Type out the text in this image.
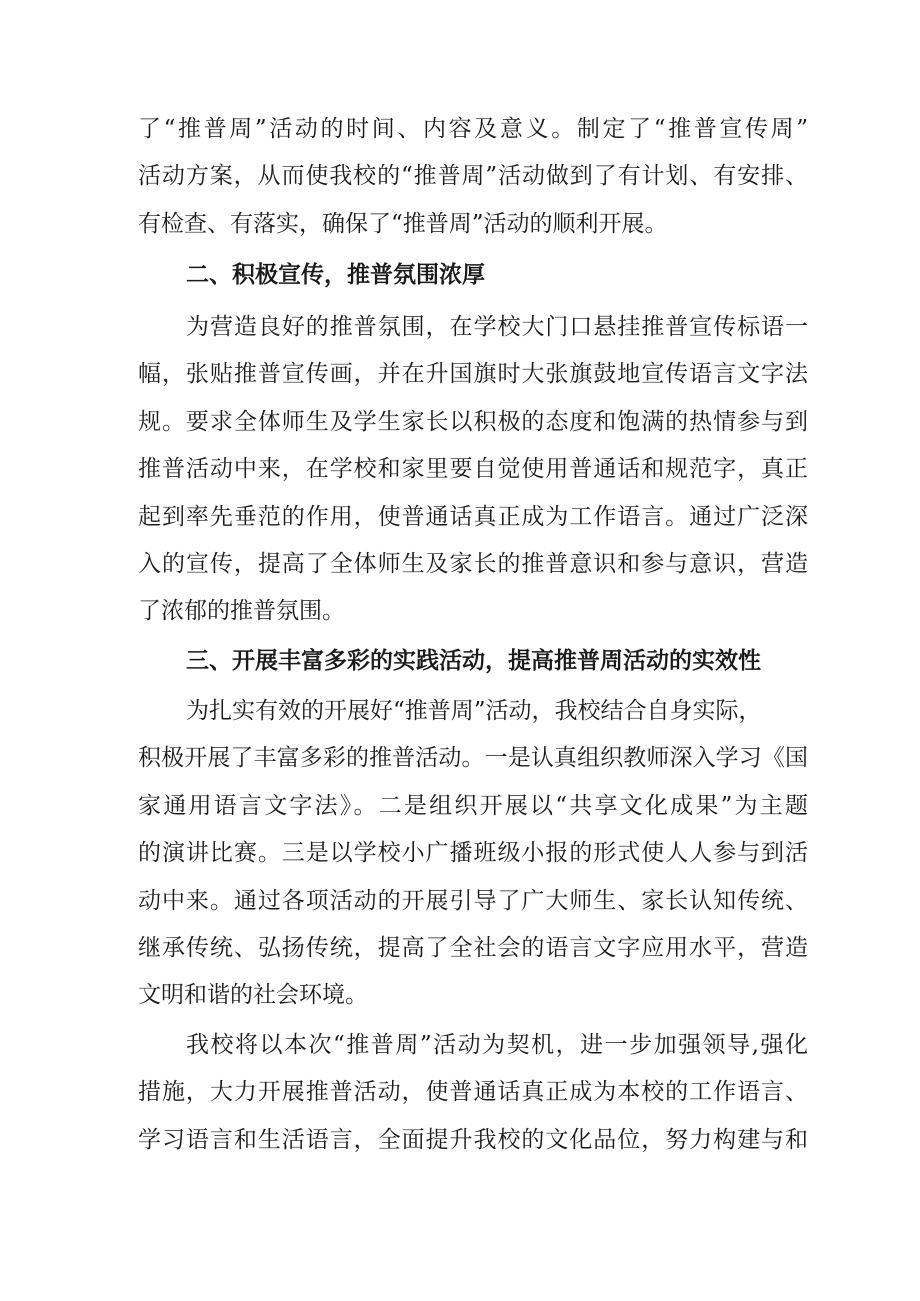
了“推普周”活动的时间、内容及意义。制定了“推普宣传周”
活动方案，从而使我校的“推普周”活动做到了有计划、有安排、
有检查、有落实，确保了“推普周”活动的顺利开展。
二、积极宣传，推普氛围浓厚
为营造良好的推普氛围，在学校大门口悬挂推普宣传标语一
幅，张贴推普宣传画，并在升国旗时大张旗鼓地宣传语言文字法
规。要求全体师生及学生家长以积极的态度和饱满的热情参与到
推普活动中来，在学校和家里要自觉使用普通话和规范字，真正
起到率先垂范的作用，使普通话真正成为工作语言。通过广泛深
入的宣传，提高了全体师生及家长的推普意识和参与意识，营造
了浓郁的推普氛围。
三、开展丰富多彩的实践活动，提高推普周活动的实效性
为扎实有效的开展好“推普周”活动，我校结合自身实际，
积极开展了丰富多彩的推普活动。一是认真组织教师深入学习《国
家通用语言文字法》。二是组织开展以“共享文化成果”为主题
的演讲比赛。三是以学校小广播班级小报的形式使人人参与到活
动中来。通过各项活动的开展引导了广大师生、家长认知传统、
继承传统、弘扬传统，提高了全社会的语言文字应用水平，营造
文明和谐的社会环境。
我校将以本次“推普周”活动为契机，进一步加强领导,强化
措施，大力开展推普活动，使普通话真正成为本校的工作语言、
学习语言和生活语言，全面提升我校的文化品位，努力构建与和
